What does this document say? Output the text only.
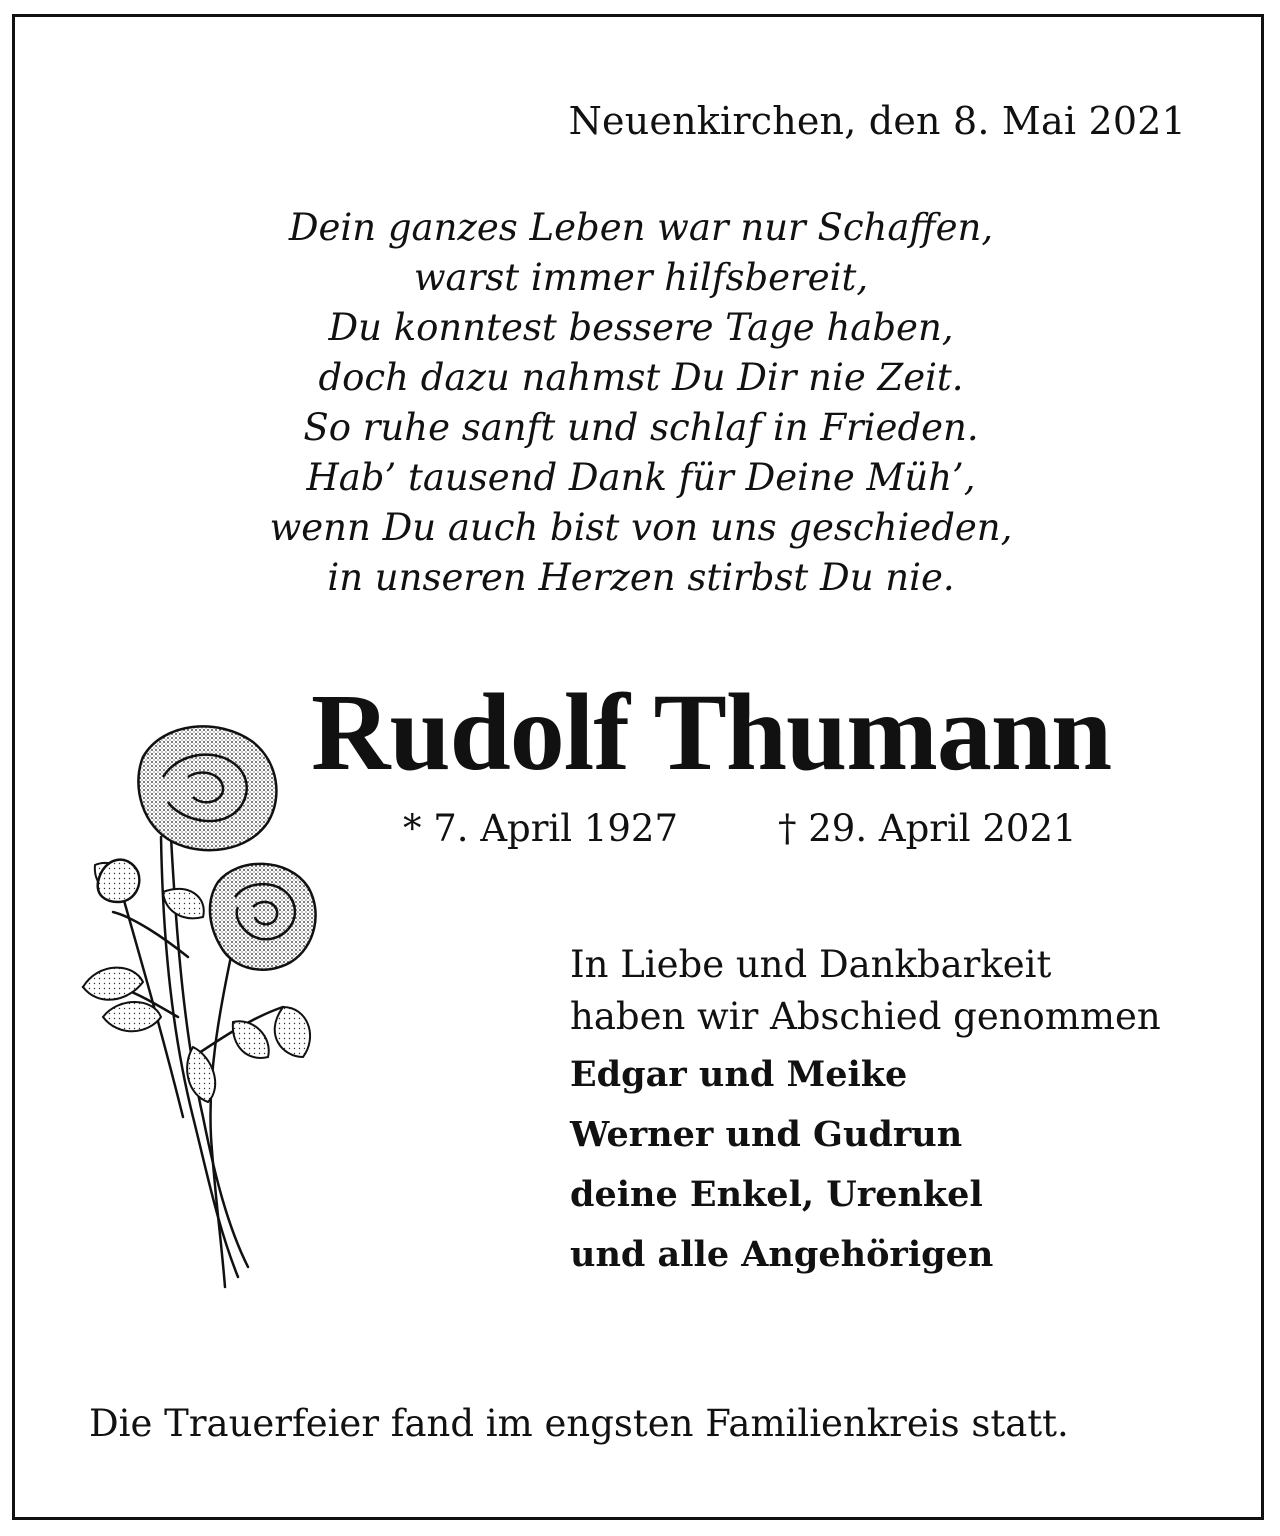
Neuenkirchen, den 8. Mai 2021
Dein ganzes Leben war nur Schaffen,
warst immer hilfsbereit,
Du konntest bessere Tage haben,
doch dazu nahmst Du Dir nie Zeit.
So ruhe sanft und schlaf in Frieden.
Hab’ tausend Dank für Deine Müh’,
wenn Du auch bist von uns geschieden,
in unseren Herzen stirbst Du nie.
Rudolf Thumann
* 7. April 1927	† 29. April 2021
In Liebe und Dankbarkeit
haben wir Abschied genommen
Edgar und Meike
Werner und Gudrun
deine Enkel, Urenkel
und alle Angehörigen
Die Trauerfeier fand im engsten Familienkreis statt.
